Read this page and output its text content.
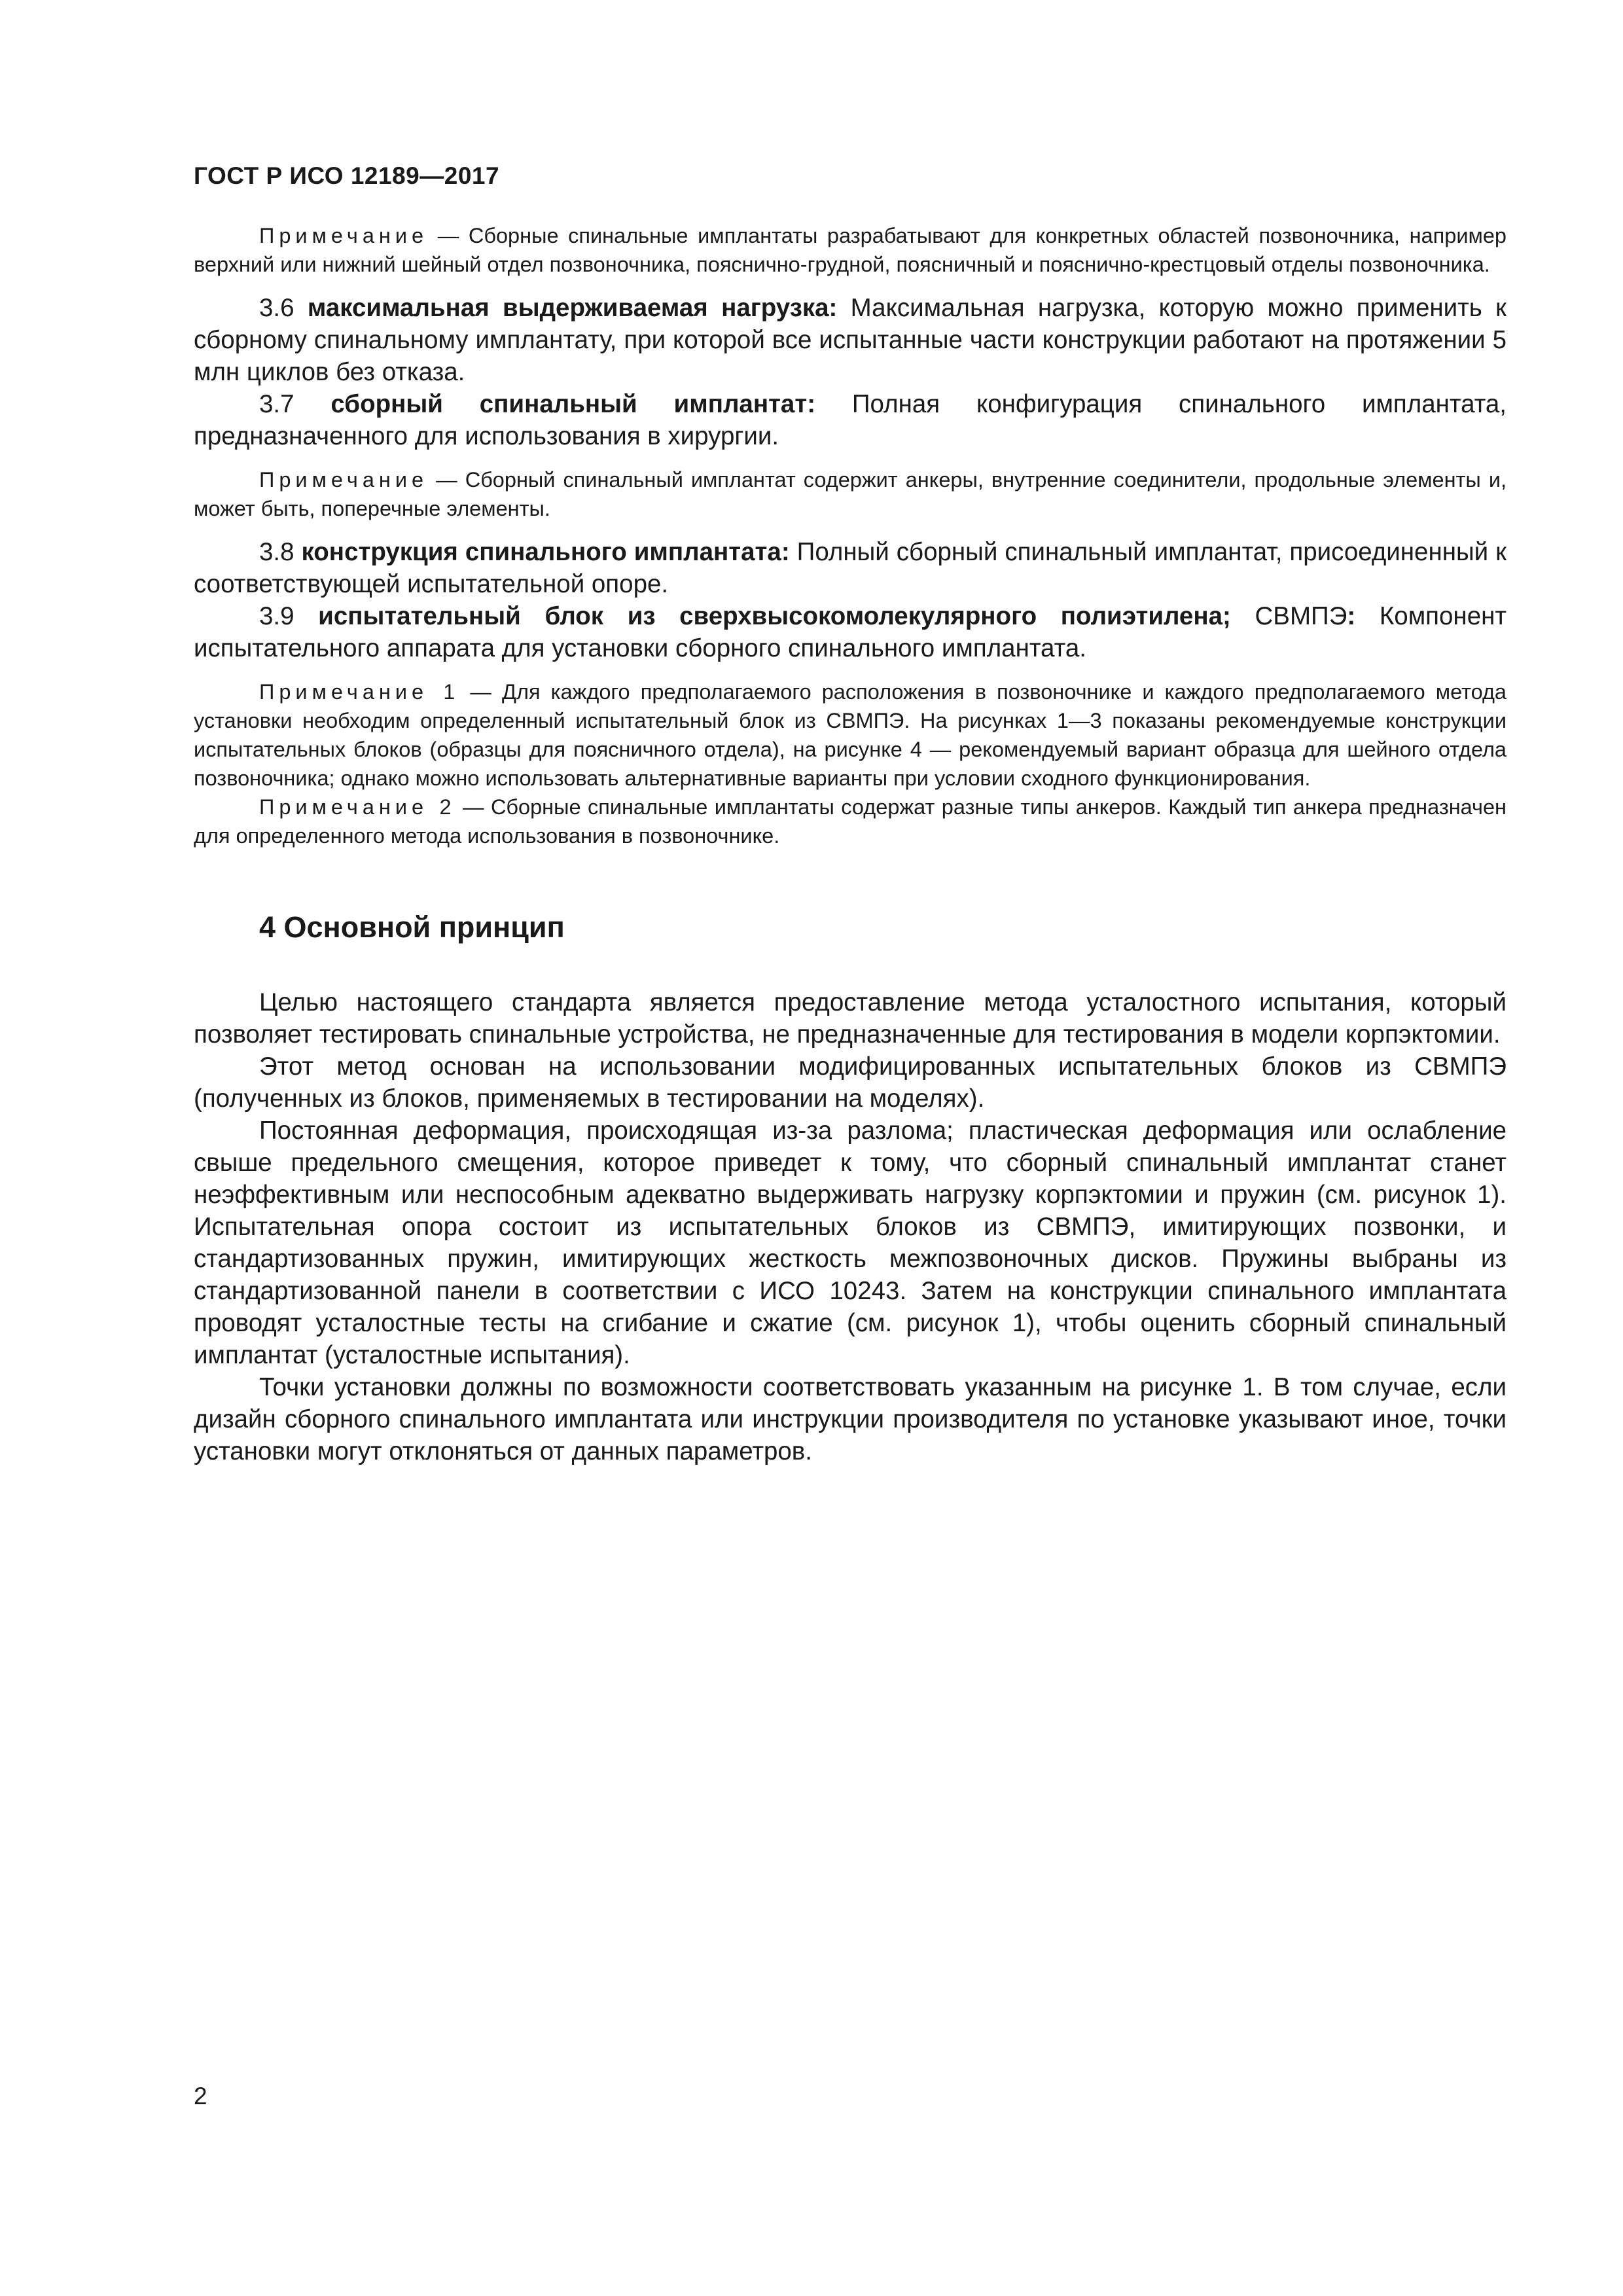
ГОСТ Р ИСО 12189—2017

Примечание — Сборные спинальные имплантаты разрабатывают для конкретных областей позвоночника, например верхний или нижний шейный отдел позвоночника, пояснично-грудной, поясничный и пояснично-крестцовый отделы позвоночника.

3.6 максимальная выдерживаемая нагрузка: Максимальная нагрузка, которую можно применить к сборному спинальному имплантату, при которой все испытанные части конструкции работают на протяжении 5 млн циклов без отказа.

3.7 сборный спинальный имплантат: Полная конфигурация спинального имплантата, предназначенного для использования в хирургии.

Примечание — Сборный спинальный имплантат содержит анкеры, внутренние соединители, продольные элементы и, может быть, поперечные элементы.

3.8 конструкция спинального имплантата: Полный сборный спинальный имплантат, присоединенный к соответствующей испытательной опоре.

3.9 испытательный блок из сверхвысокомолекулярного полиэтилена; СВМПЭ: Компонент испытательного аппарата для установки сборного спинального имплантата.

Примечание 1 — Для каждого предполагаемого расположения в позвоночнике и каждого предполагаемого метода установки необходим определенный испытательный блок из СВМПЭ. На рисунках 1—3 показаны рекомендуемые конструкции испытательных блоков (образцы для поясничного отдела), на рисунке 4 — рекомендуемый вариант образца для шейного отдела позвоночника; однако можно использовать альтернативные варианты при условии сходного функционирования.

Примечание 2 — Сборные спинальные имплантаты содержат разные типы анкеров. Каждый тип анкера предназначен для определенного метода использования в позвоночнике.

4 Основной принцип

Целью настоящего стандарта является предоставление метода усталостного испытания, который позволяет тестировать спинальные устройства, не предназначенные для тестирования в модели корпэктомии.

Этот метод основан на использовании модифицированных испытательных блоков из СВМПЭ (полученных из блоков, применяемых в тестировании на моделях).

Постоянная деформация, происходящая из-за разлома; пластическая деформация или ослабление свыше предельного смещения, которое приведет к тому, что сборный спинальный имплантат станет неэффективным или неспособным адекватно выдерживать нагрузку корпэктомии и пружин (см. рисунок 1). Испытательная опора состоит из испытательных блоков из СВМПЭ, имитирующих позвонки, и стандартизованных пружин, имитирующих жесткость межпозвоночных дисков. Пружины выбраны из стандартизованной панели в соответствии с ИСО 10243. Затем на конструкции спинального имплантата проводят усталостные тесты на сгибание и сжатие (см. рисунок 1), чтобы оценить сборный спинальный имплантат (усталостные испытания).

Точки установки должны по возможности соответствовать указанным на рисунке 1. В том случае, если дизайн сборного спинального имплантата или инструкции производителя по установке указывают иное, точки установки могут отклоняться от данных параметров.

2
